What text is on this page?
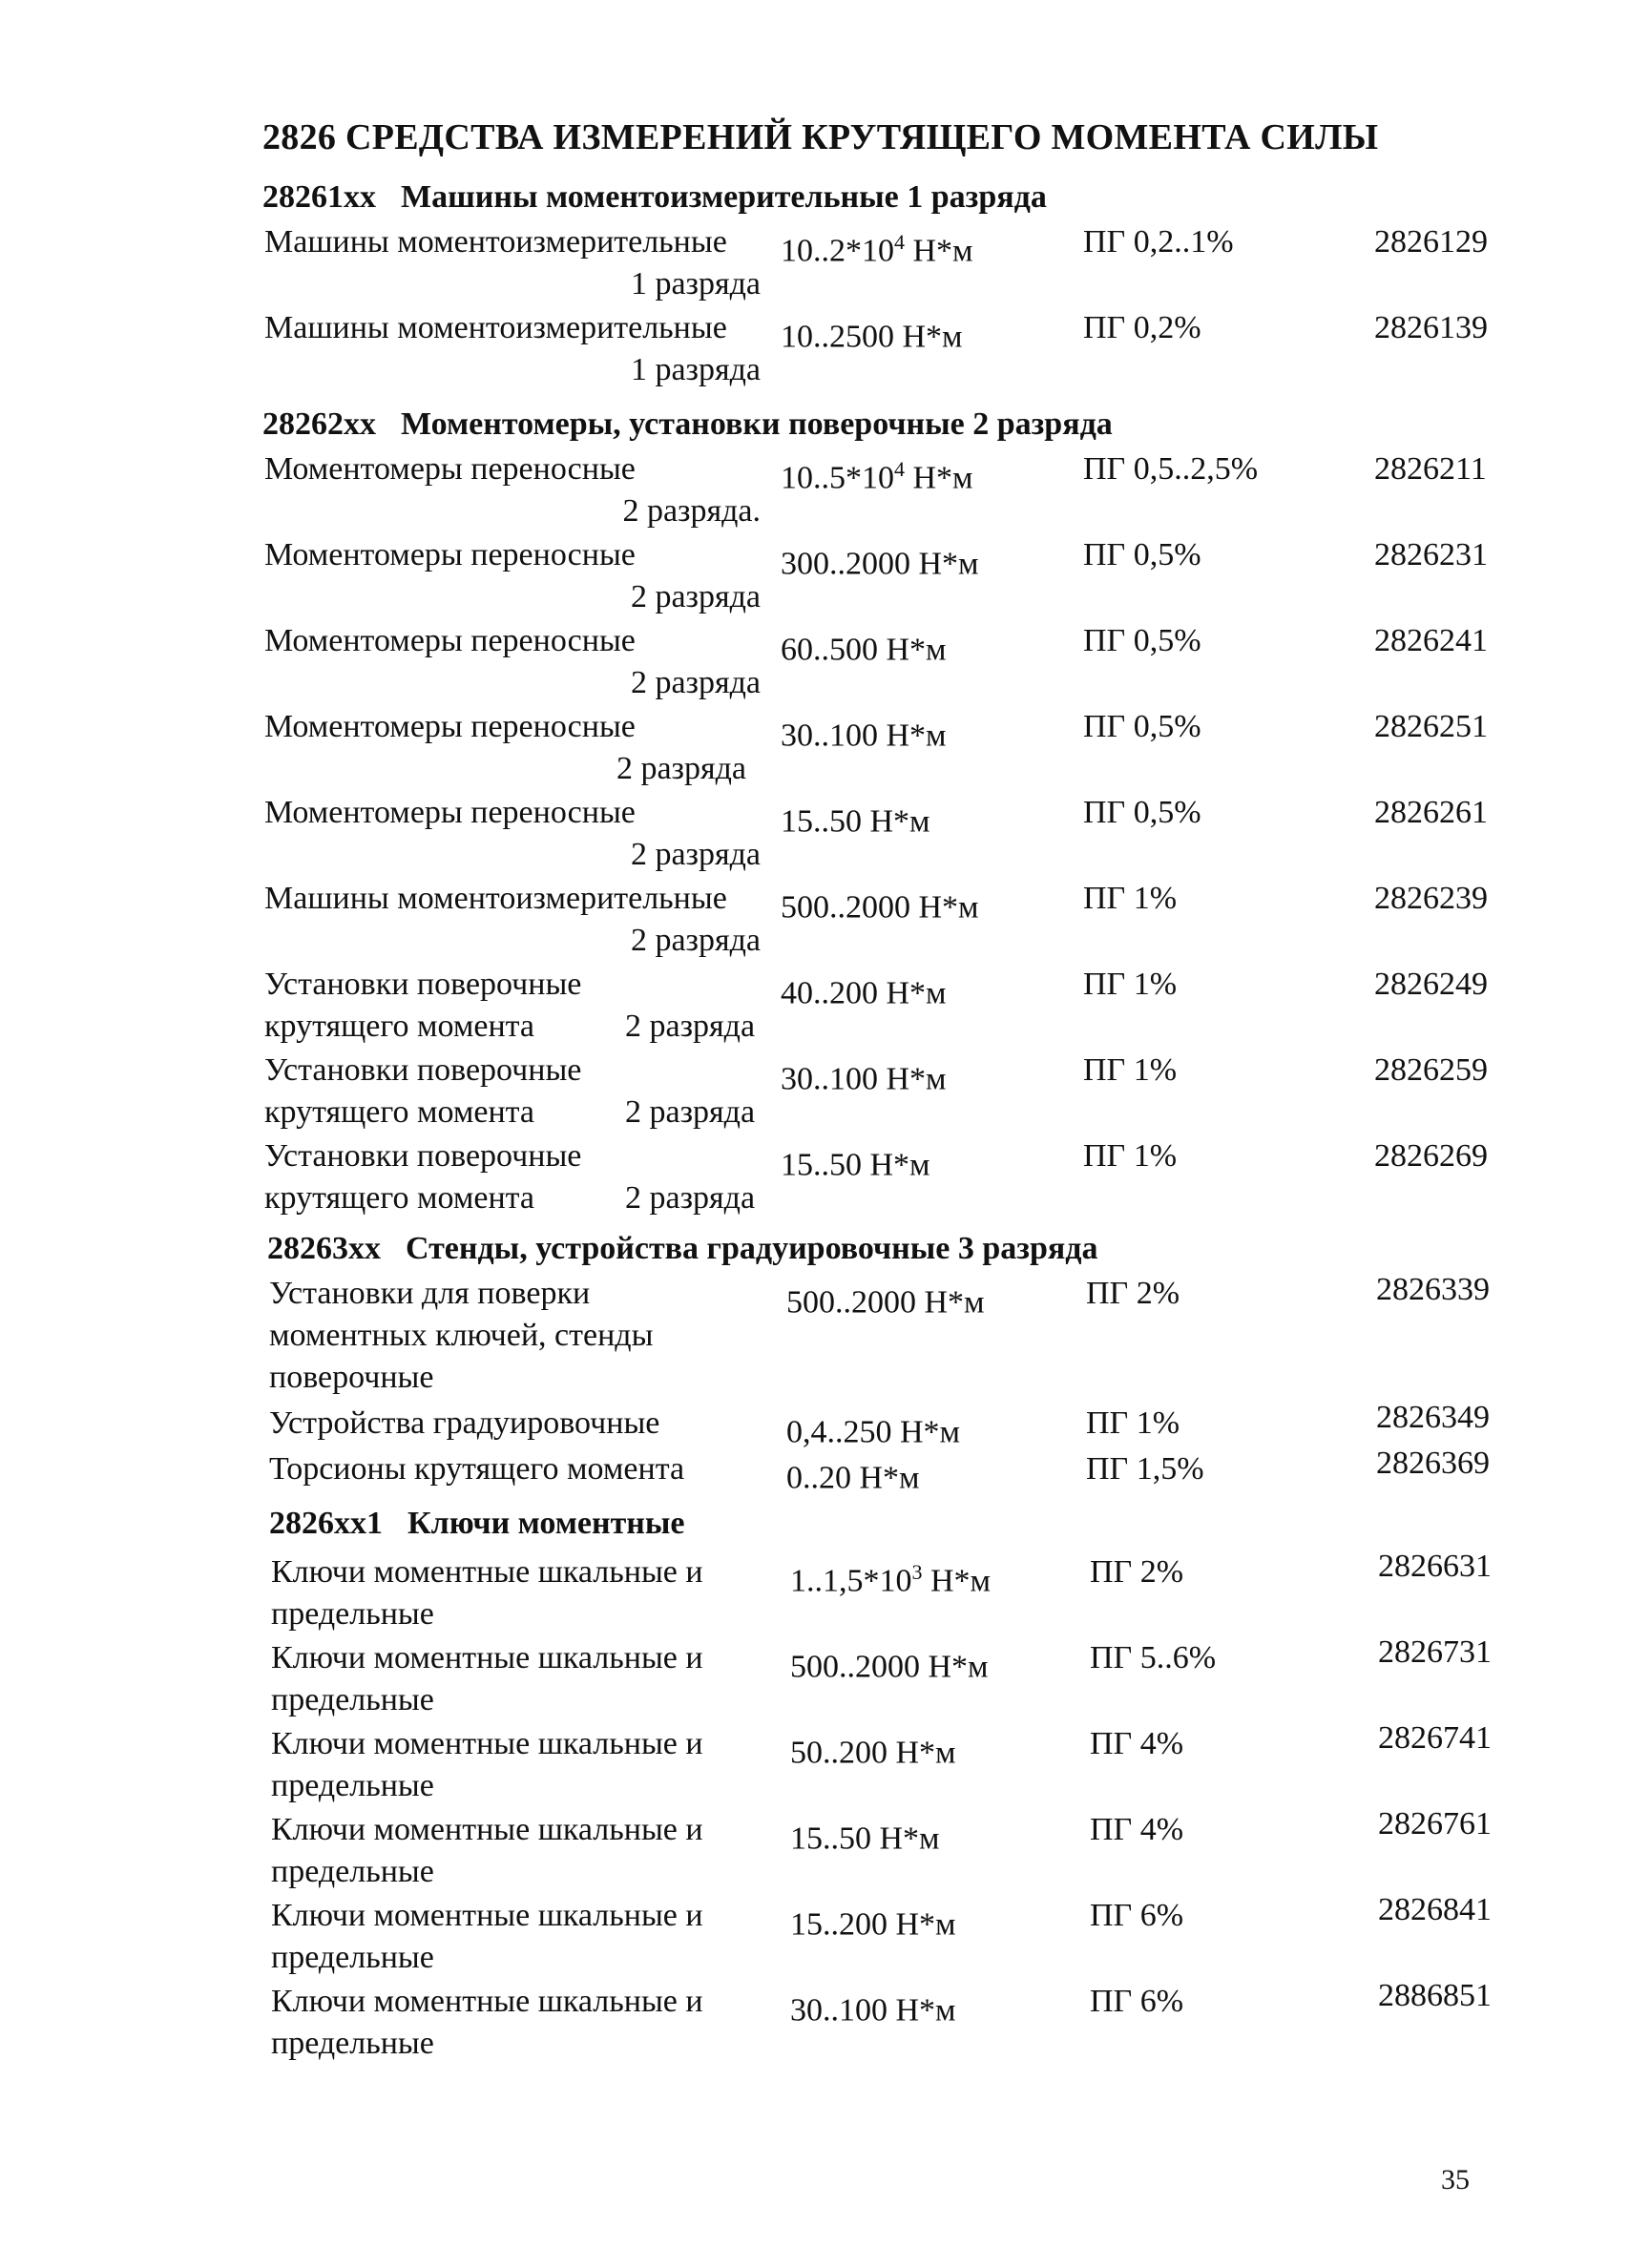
2826 СРЕДСТВА ИЗМЕРЕНИЙ КРУТЯЩЕГО МОМЕНТА СИЛЫ
28261xx Машины моментоизмерительные 1 разряда
Машины моментоизмерительные
1 разряда
$10..2*10^4$ Н*м	ПГ 0,2..1%	2826129
Машины моментоизмерительные
1 разряда
10..2500 Н*м	ПГ 0,2%	2826139
28262xx Моментомеры, установки поверочные 2 разряда
Моментомеры переносные
2 разряда.
$10..5*10^4$ Н*м	ПГ 0,5..2,5%	2826211
Моментомеры переносные
2 разряда
300..2000 Н*м	ПГ 0,5%	2826231
Моментомеры переносные
2 разряда
60..500 Н*м	ПГ 0,5%	2826241
Моментомеры переносные
2 разряда
30..100 Н*м	ПГ 0,5%	2826251
Моментомеры переносные
2 разряда
15..50 Н*м	ПГ 0,5%	2826261
Машины моментоизмерительные
2 разряда
500..2000 Н*м	ПГ 1%	2826239
Установки поверочные
крутящего момента	2 разряда
40..200 Н*м	ПГ 1%	2826249
Установки поверочные
крутящего момента	2 разряда
30..100 Н*м	ПГ 1%	2826259
Установки поверочные
крутящего момента	2 разряда
15..50 Н*м	ПГ 1%	2826269
28263xx Стенды, устройства градуировочные 3 разряда
Установки для поверки
моментных ключей, стенды
поверочные
500..2000 Н*м	ПГ 2%	2826339
Устройства градуировочные	0,4..250 Н*м	ПГ 1%	2826349
Торсионы крутящего момента	0..20 Н*м	ПГ 1,5%	2826369
2826xx1 Ключи моментные
Ключи моментные шкальные и
предельные
$1..1,5*10^3$ Н*м	ПГ 2%	2826631
Ключи моментные шкальные и
предельные
500..2000 Н*м	ПГ 5..6%	2826731
Ключи моментные шкальные и
предельные
50..200 Н*м	ПГ 4%	2826741
Ключи моментные шкальные и
предельные
15..50 Н*м	ПГ 4%	2826761
Ключи моментные шкальные и
предельные
15..200 Н*м	ПГ 6%	2826841
Ключи моментные шкальные и
предельные
30..100 Н*м	ПГ 6%	2886851
35
